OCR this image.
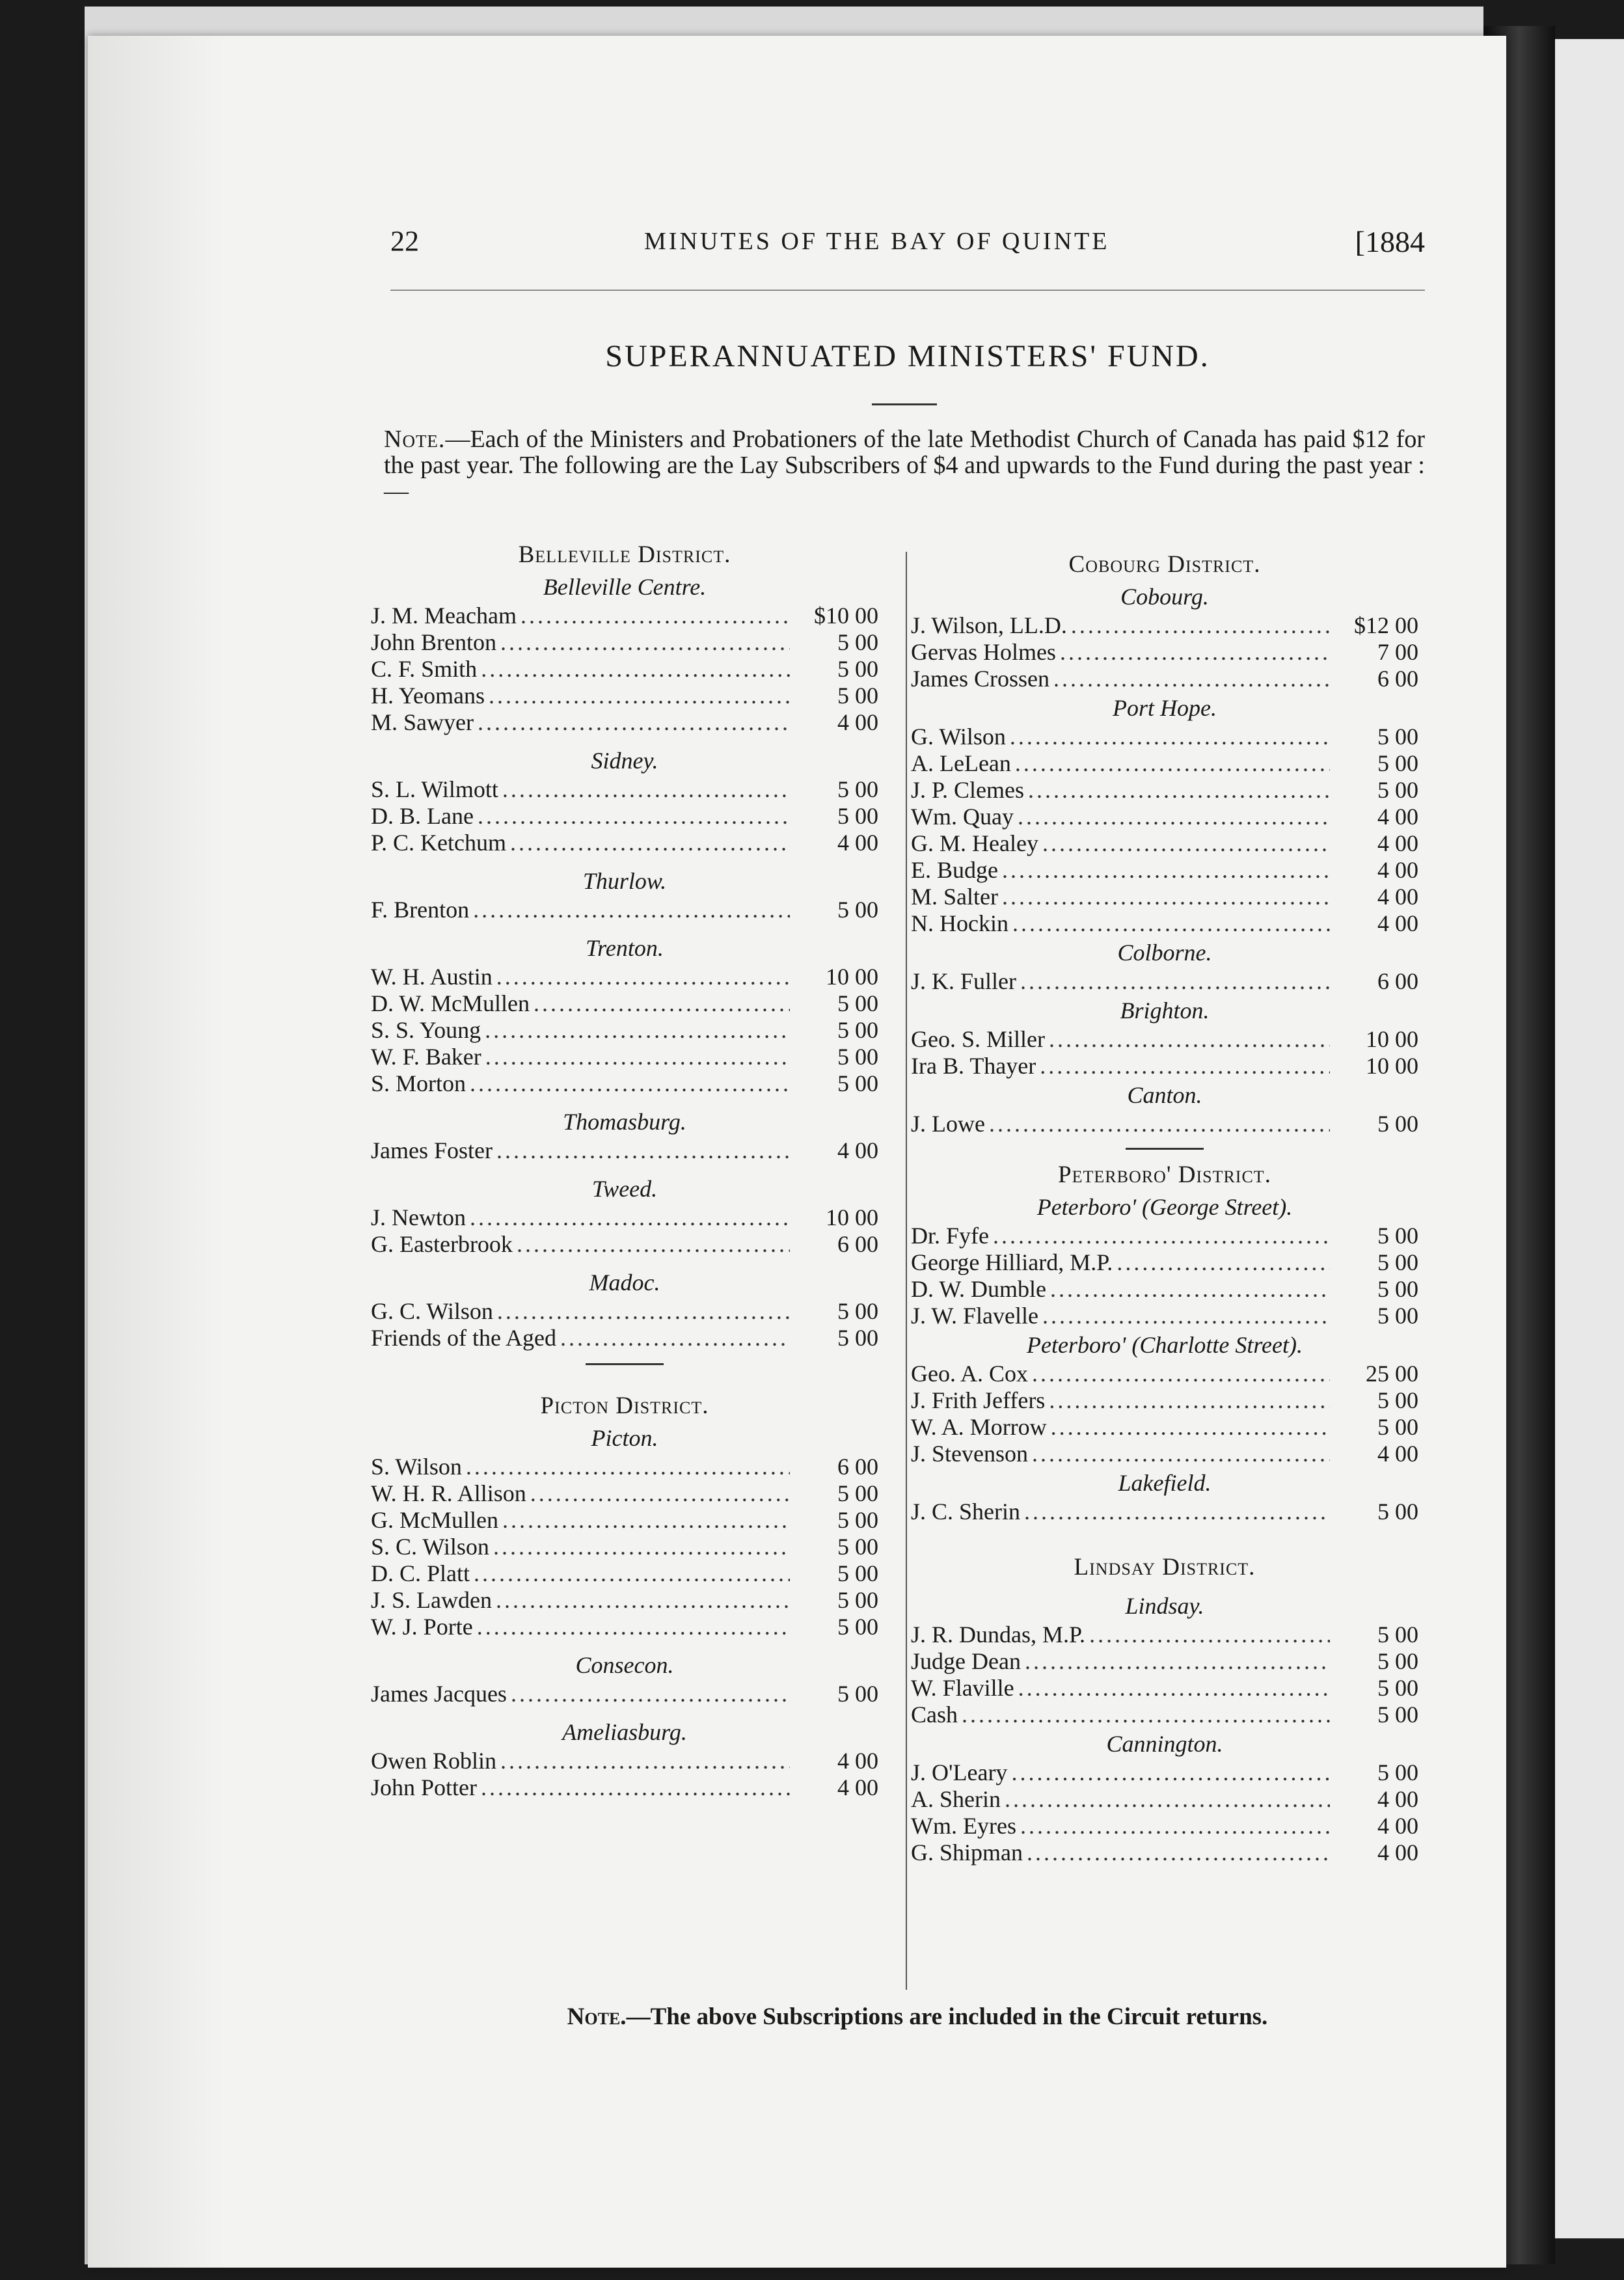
22	MINUTES OF THE BAY OF QUINTE	[1884
SUPERANNUATED MINISTERS' FUND.
Note.—Each of the Ministers and Probationers of the late Methodist Church of Canada has paid $12 for the past year. The following are the Lay Subscribers of $4 and upwards to the Fund during the past year :—
Belleville District.
Belleville Centre.
J. M. Meacham .....	$10 00
John Brenton .....	5 00
C. F. Smith .....	5 00
H. Yeomans .....	5 00
M. Sawyer .....	4 00
Sidney.
S. L. Wilmott .....	5 00
D. B. Lane .....	5 00
P. C. Ketchum .....	4 00
Thurlow.
F. Brenton .....	5 00
Trenton.
W. H. Austin .....	10 00
D. W. McMullen .....	5 00
S. S. Young .....	5 00
W. F. Baker .....	5 00
S. Morton .....	5 00
Thomasburg.
James Foster .....	4 00
Tweed.
J. Newton .....	10 00
G. Easterbrook .....	6 00
Madoc.
G. C. Wilson .....	5 00
Friends of the Aged .....	5 00
Picton District.
Picton.
S. Wilson .....	6 00
W. H. R. Allison .....	5 00
G. McMullen .....	5 00
S. C. Wilson .....	5 00
D. C. Platt .....	5 00
J. S. Lawden .....	5 00
W. J. Porte .....	5 00
Consecon.
James Jacques .....	5 00
Ameliasburg.
Owen Roblin .....	4 00
John Potter .....	4 00
Cobourg District.
Cobourg.
J. Wilson, LL.D. .....	$12 00
Gervas Holmes .....	7 00
James Crossen .....	6 00
Port Hope.
G. Wilson .....	5 00
A. LeLean .....	5 00
J. P. Clemes .....	5 00
Wm. Quay .....	4 00
G. M. Healey .....	4 00
E. Budge .....	4 00
M. Salter .....	4 00
N. Hockin .....	4 00
Colborne.
J. K. Fuller .....	6 00
Brighton.
Geo. S. Miller .....	10 00
Ira B. Thayer .....	10 00
Canton.
J. Lowe .....	5 00
Peterboro' District.
Peterboro' (George Street).
Dr. Fyfe .....	5 00
George Hilliard, M.P. .....	5 00
D. W. Dumble .....	5 00
J. W. Flavelle .....	5 00
Peterboro' (Charlotte Street).
Geo. A. Cox .....	25 00
J. Frith Jeffers .....	5 00
W. A. Morrow .....	5 00
J. Stevenson .....	4 00
Lakefield.
J. C. Sherin .....	5 00
Lindsay District.
Lindsay.
J. R. Dundas, M.P. .....	5 00
Judge Dean .....	5 00
W. Flaville .....	5 00
Cash .....	5 00
Cannington.
J. O'Leary .....	5 00
A. Sherin .....	4 00
Wm. Eyres .....	4 00
G. Shipman .....	4 00
Note.—The above Subscriptions are included in the Circuit returns.
